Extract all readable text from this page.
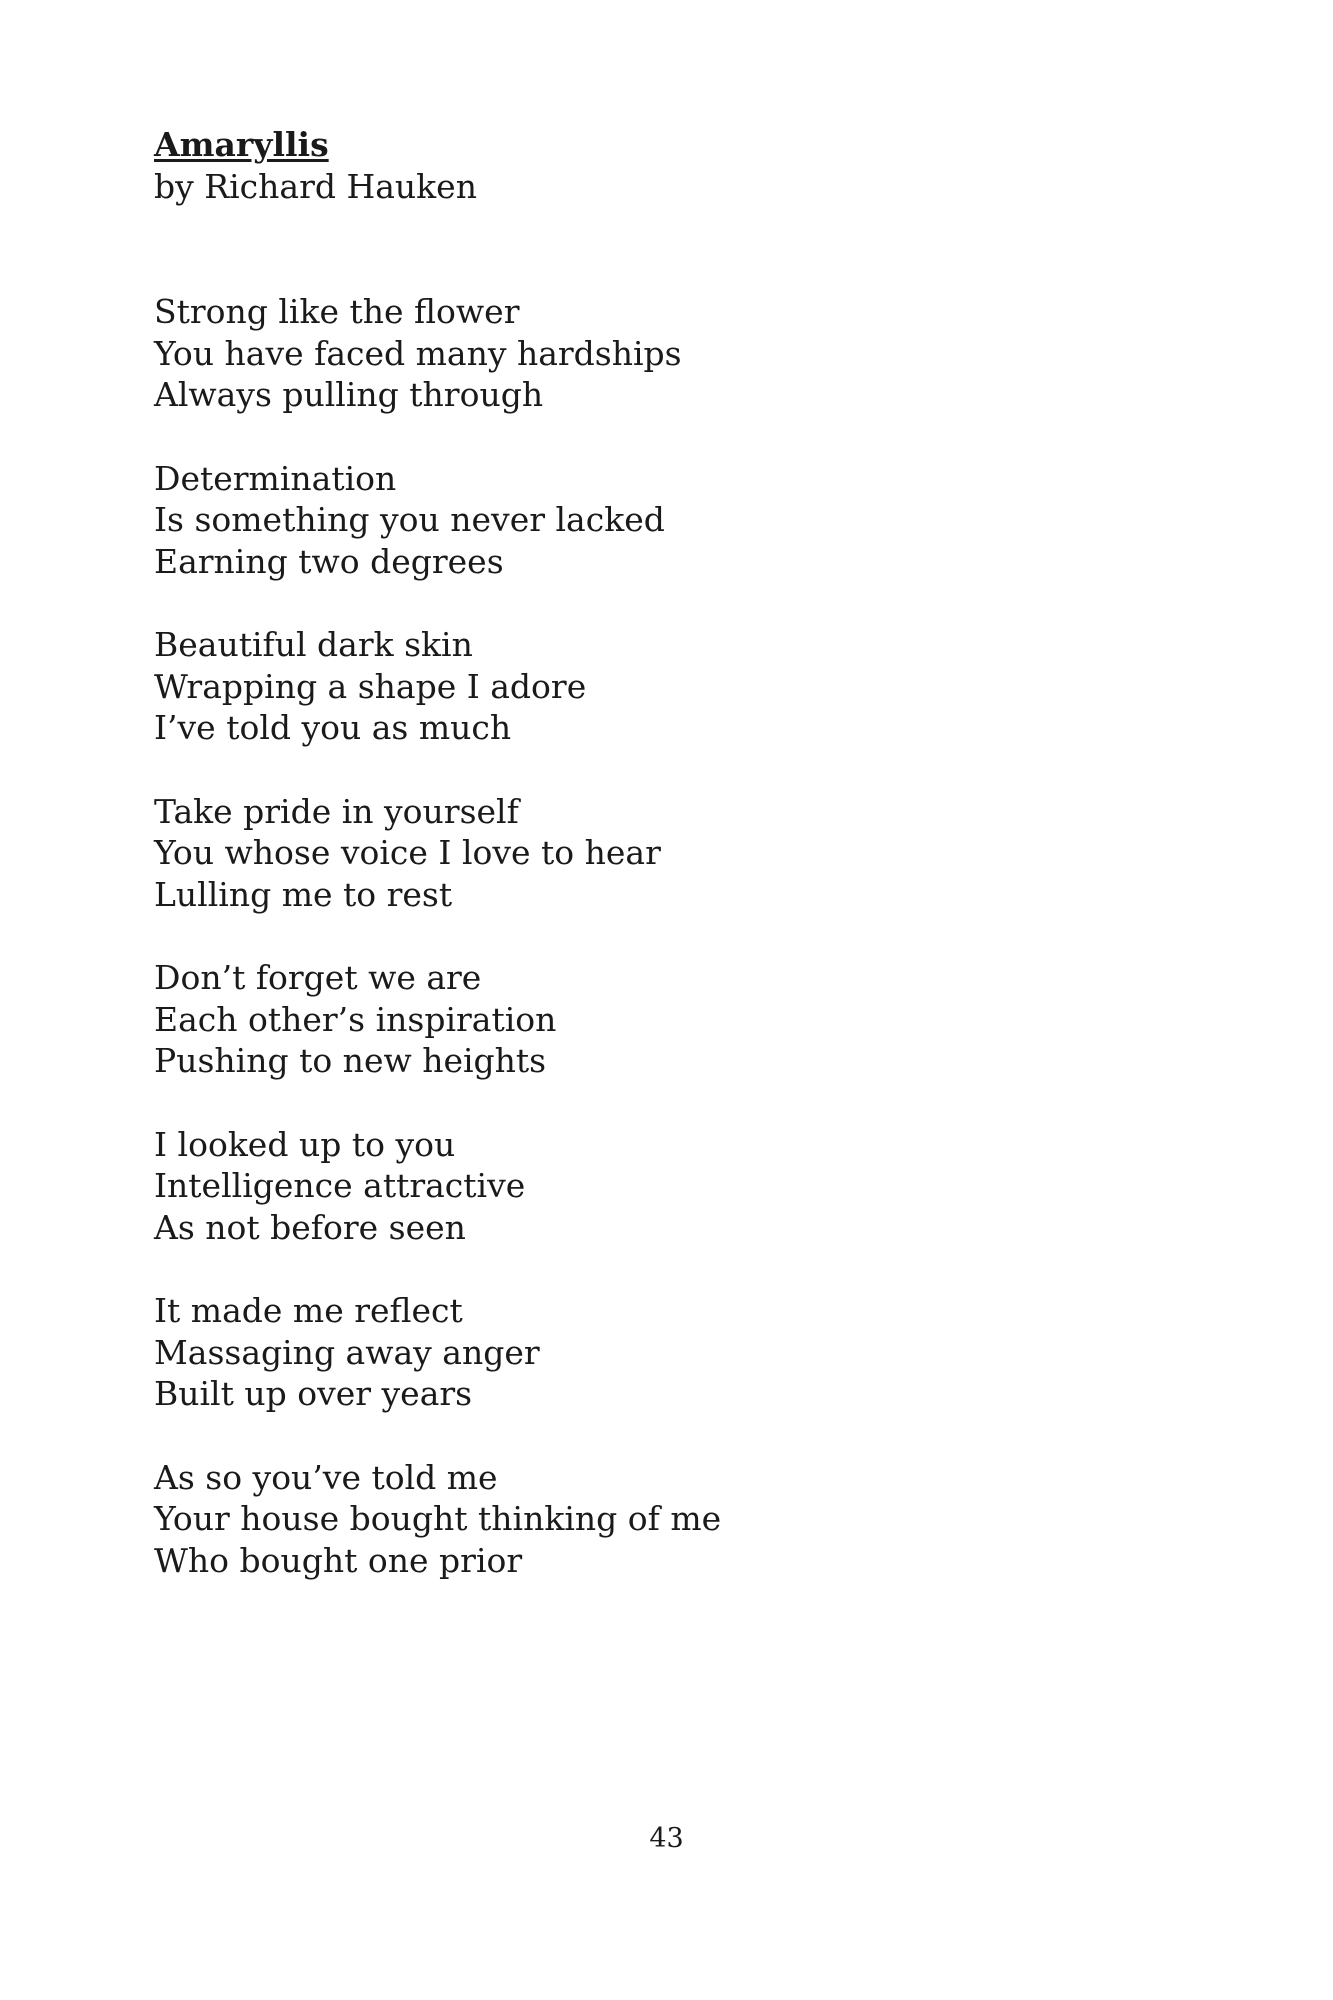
Amaryllis

by Richard Hauken

Strong like the flower
You have faced many hardships
Always pulling through
Determination
Is something you never lacked
Earning two degrees
Beautiful dark skin
Wrapping a shape I adore
I’ve told you as much
Take pride in yourself
You whose voice I love to hear
Lulling me to rest
Don’t forget we are
Each other’s inspiration
Pushing to new heights
I looked up to you
Intelligence attractive
As not before seen
It made me reflect
Massaging away anger
Built up over years
As so you’ve told me
Your house bought thinking of me
Who bought one prior
43
